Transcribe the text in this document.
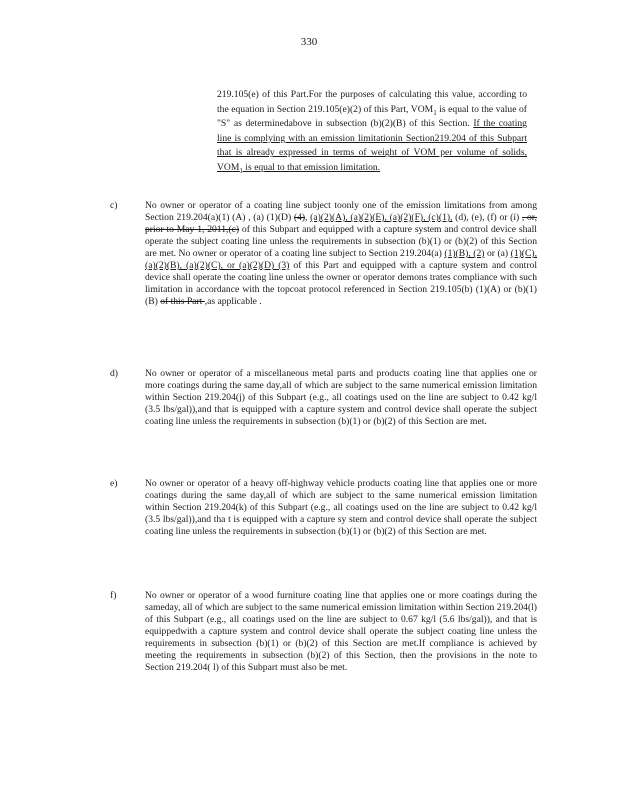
330

219.105(e) of this Part.For the purposes of calculating this value, according to the equation in Section 219.105(e)(2) of this Part, $VOM_1$ is equal to the value of "S" as determinedabove in subsection (b)(2)(B) of this Section. If the coating line is complying with an emission limitationin Section219.204 of this Subpart that is already expressed in terms of weight of VOM per volume of solids, $VOM_1$ is equal to that emission limitation.

c)	No owner or operator of a coating line subject toonly one of the emission limitations from among Section 219.204(a)(1) (A) , (a) (1)(D) (4), (a)(2)(A), (a)(2)(E), (a)(2)(F), (c)(1), (d), (e), (f) or (i) , or, prior to May 1, 2011,(c) of this Subpart and equipped with a capture system and control device shall operate the subject coating line unless the requirements in subsection (b)(1) or (b)(2) of this Section are met. No owner or operator of a coating line subject to Section 219.204(a) (1)(B), (2) or (a) (1)(C), (a)(2)(B), (a)(2)(C), or (a)(2)(D) (3) of this Part and equipped with a capture system and control device shall operate the coating line unless the owner or operator demons trates compliance with such limitation in accordance with the topcoat protocol referenced in Section 219.105(b) (1)(A) or (b)(1)(B) of this Part ,as applicable .

d)	No owner or operator of a miscellaneous metal parts and products coating line that applies one or more coatings during the same day,all of which are subject to the same numerical emission limitation within Section 219.204(j) of this Subpart (e.g., all coatings used on the line are subject to 0.42 kg/l (3.5 lbs/gal)),and that is equipped with a capture system and control device shall operate the subject coating line unless the requirements in subsection (b)(1) or (b)(2) of this Section are met.

e)	No owner or operator of a heavy off-highway vehicle products coating line that applies one or more coatings during the same day,all of which are subject to the same numerical emission limitation within Section 219.204(k) of this Subpart (e.g., all coatings used on the line are subject to 0.42 kg/l (3.5 lbs/gal)),and tha t is equipped with a capture sy stem and control device shall operate the subject coating line unless the requirements in subsection (b)(1) or (b)(2) of this Section are met.

f)	No owner or operator of a wood furniture coating line that applies one or more coatings during the sameday, all of which are subject to the same numerical emission limitation within Section 219.204(l) of this Subpart (e.g., all coatings used on the line are subject to 0.67 kg/l (5.6 lbs/gal)), and that is equippedwith a capture system and control device shall operate the subject coating line unless the requirements in subsection (b)(1) or (b)(2) of this Section are met.If compliance is achieved by meeting the requirements in subsection (b)(2) of this Section, then the provisions in the note to Section 219.204( l) of this Subpart must also be met.
